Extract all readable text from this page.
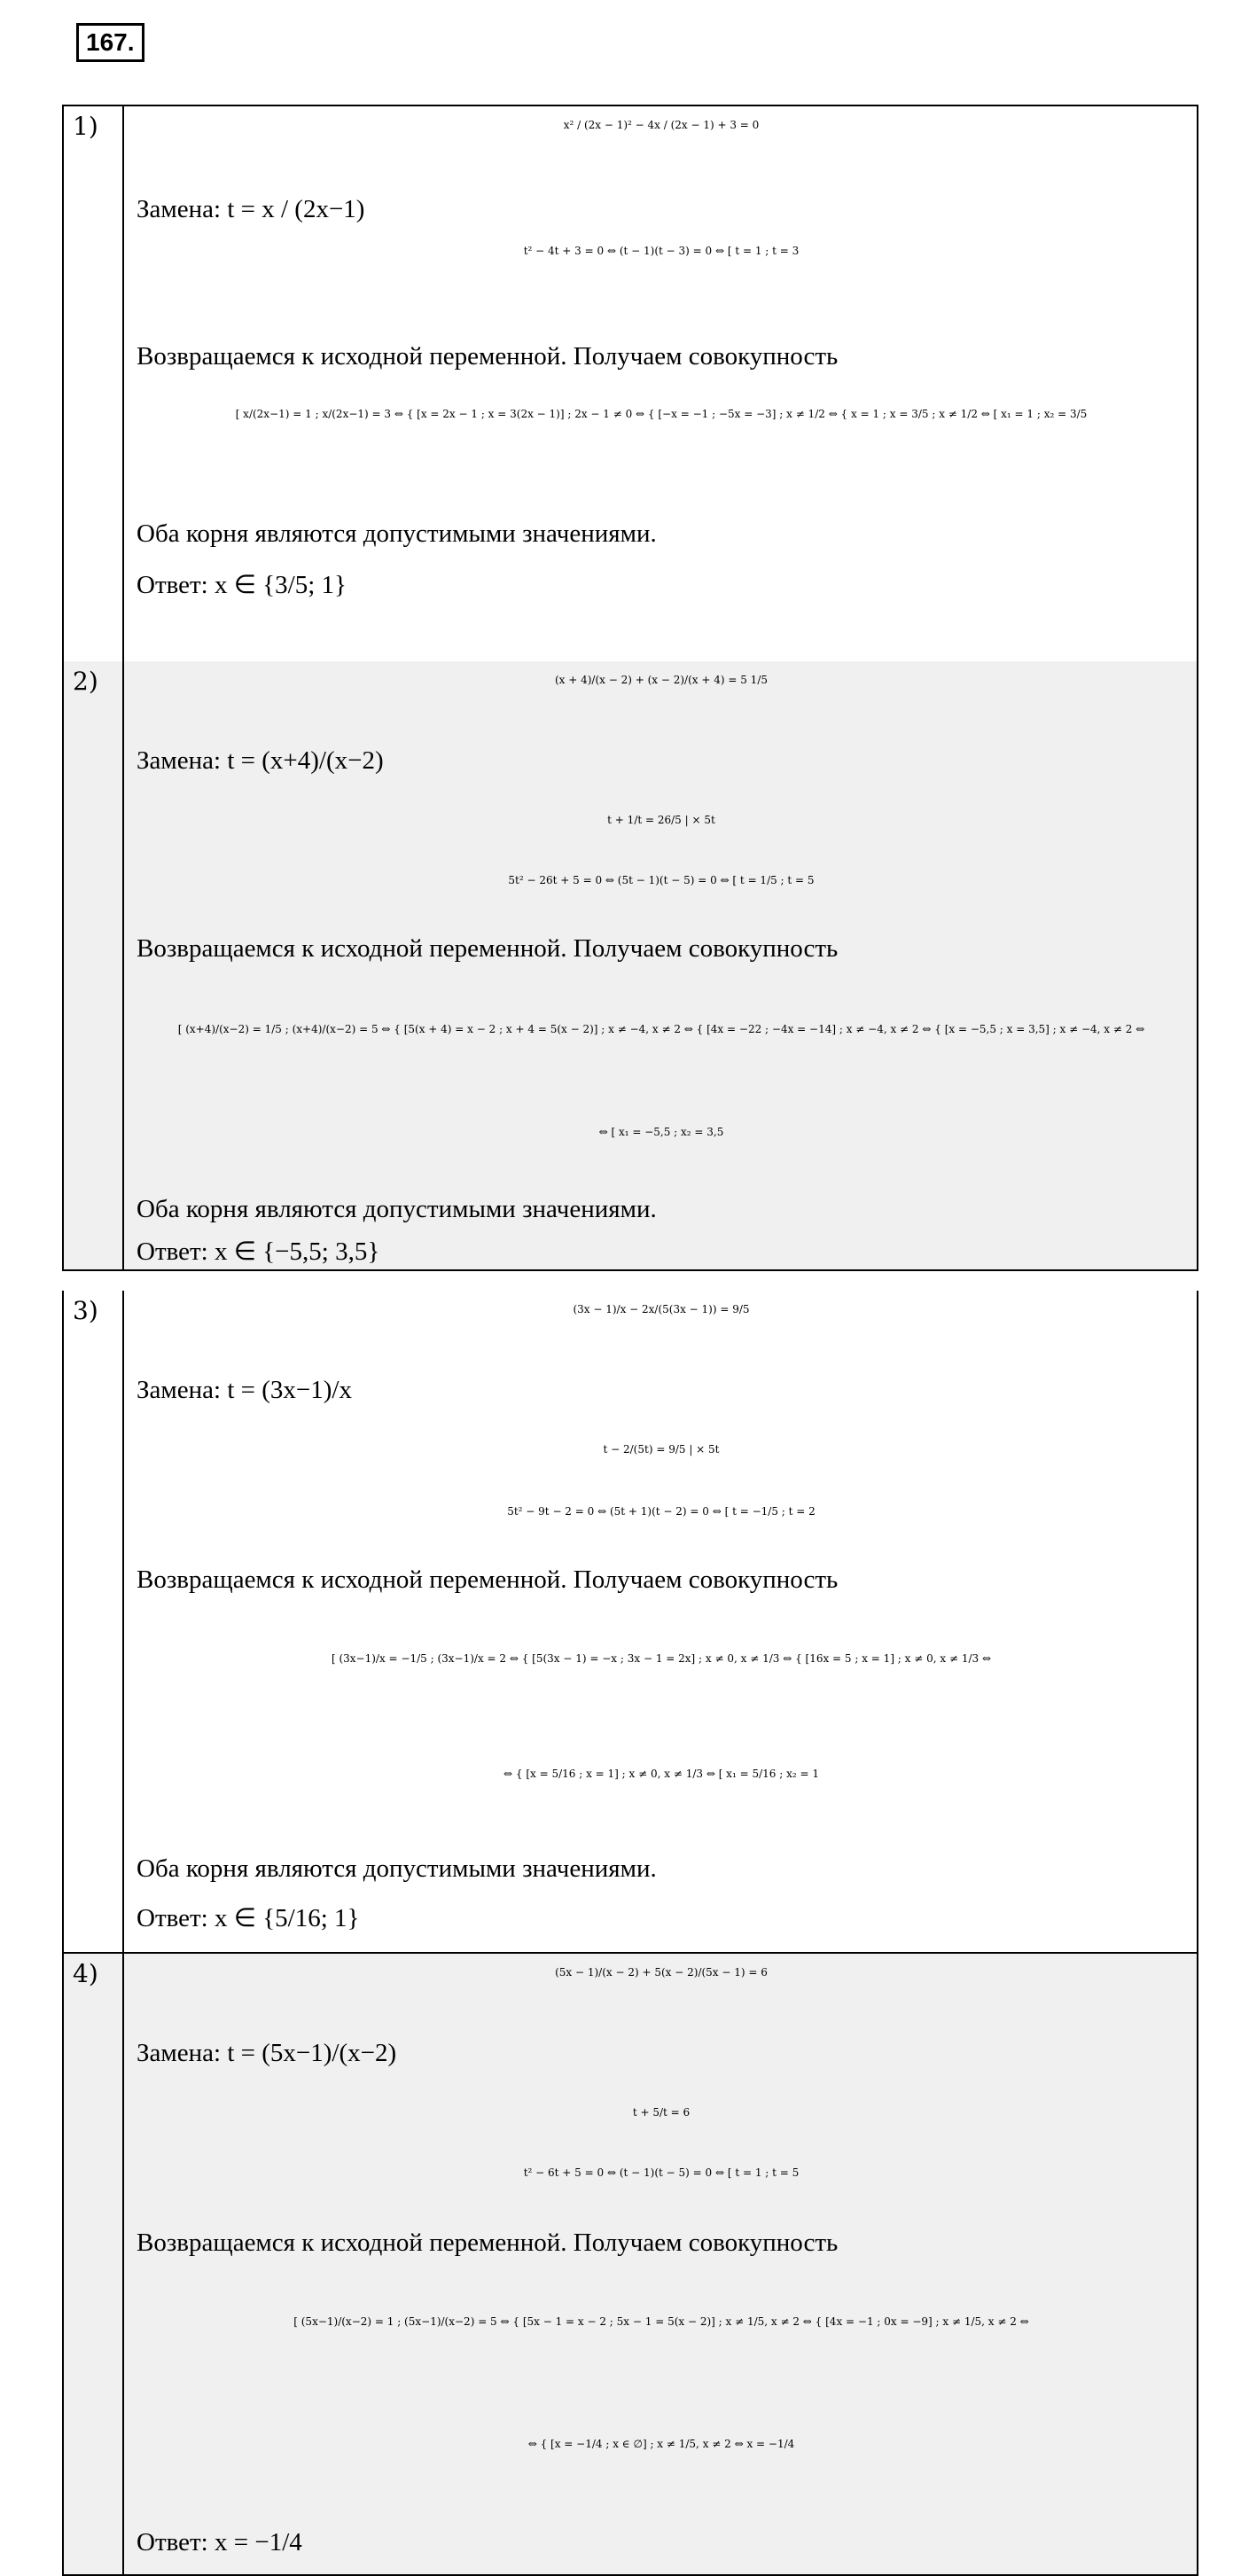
167.
1)	x² / (2x − 1)² − 4x / (2x − 1) + 3 = 0
Замена: t = x / (2x−1)
t² − 4t + 3 = 0 ⇔ (t − 1)(t − 3) = 0 ⇔ [ t = 1 ; t = 3
Возвращаемся к исходной переменной. Получаем совокупность
[ x/(2x−1) = 1 ; x/(2x−1) = 3 ⇔ { [x = 2x − 1 ; x = 3(2x − 1)] ; 2x − 1 ≠ 0 ⇔ { [−x = −1 ; −5x = −3] ; x ≠ 1/2 ⇔ { x = 1 ; x = 3/5 ; x ≠ 1/2 ⇔ [ x₁ = 1 ; x₂ = 3/5
Оба корня являются допустимыми значениями.
Ответ: x ∈ {3/5; 1}
2)	(x + 4)/(x − 2) + (x − 2)/(x + 4) = 5 1/5
Замена: t = (x+4)/(x−2)
t + 1/t = 26/5 | × 5t
5t² − 26t + 5 = 0 ⇔ (5t − 1)(t − 5) = 0 ⇔ [ t = 1/5 ; t = 5
Возвращаемся к исходной переменной. Получаем совокупность
[ (x+4)/(x−2) = 1/5 ; (x+4)/(x−2) = 5 ⇔ { [5(x + 4) = x − 2 ; x + 4 = 5(x − 2)] ; x ≠ −4, x ≠ 2 ⇔ { [4x = −22 ; −4x = −14] ; x ≠ −4, x ≠ 2 ⇔ { [x = −5,5 ; x = 3,5] ; x ≠ −4, x ≠ 2 ⇔
⇔ [ x₁ = −5,5 ; x₂ = 3,5
Оба корня являются допустимыми значениями.
Ответ: x ∈ {−5,5; 3,5}
3)	(3x − 1)/x − 2x/(5(3x − 1)) = 9/5
Замена: t = (3x−1)/x
t − 2/(5t) = 9/5 | × 5t
5t² − 9t − 2 = 0 ⇔ (5t + 1)(t − 2) = 0 ⇔ [ t = −1/5 ; t = 2
Возвращаемся к исходной переменной. Получаем совокупность
[ (3x−1)/x = −1/5 ; (3x−1)/x = 2 ⇔ { [5(3x − 1) = −x ; 3x − 1 = 2x] ; x ≠ 0, x ≠ 1/3 ⇔ { [16x = 5 ; x = 1] ; x ≠ 0, x ≠ 1/3 ⇔
⇔ { [x = 5/16 ; x = 1] ; x ≠ 0, x ≠ 1/3 ⇔ [ x₁ = 5/16 ; x₂ = 1
Оба корня являются допустимыми значениями.
Ответ: x ∈ {5/16; 1}
4)	(5x − 1)/(x − 2) + 5(x − 2)/(5x − 1) = 6
Замена: t = (5x−1)/(x−2)
t + 5/t = 6
t² − 6t + 5 = 0 ⇔ (t − 1)(t − 5) = 0 ⇔ [ t = 1 ; t = 5
Возвращаемся к исходной переменной. Получаем совокупность
[ (5x−1)/(x−2) = 1 ; (5x−1)/(x−2) = 5 ⇔ { [5x − 1 = x − 2 ; 5x − 1 = 5(x − 2)] ; x ≠ 1/5, x ≠ 2 ⇔ { [4x = −1 ; 0x = −9] ; x ≠ 1/5, x ≠ 2 ⇔
⇔ { [x = −1/4 ; x ∈ ∅] ; x ≠ 1/5, x ≠ 2 ⇔ x = −1/4
Ответ: x = −1/4
